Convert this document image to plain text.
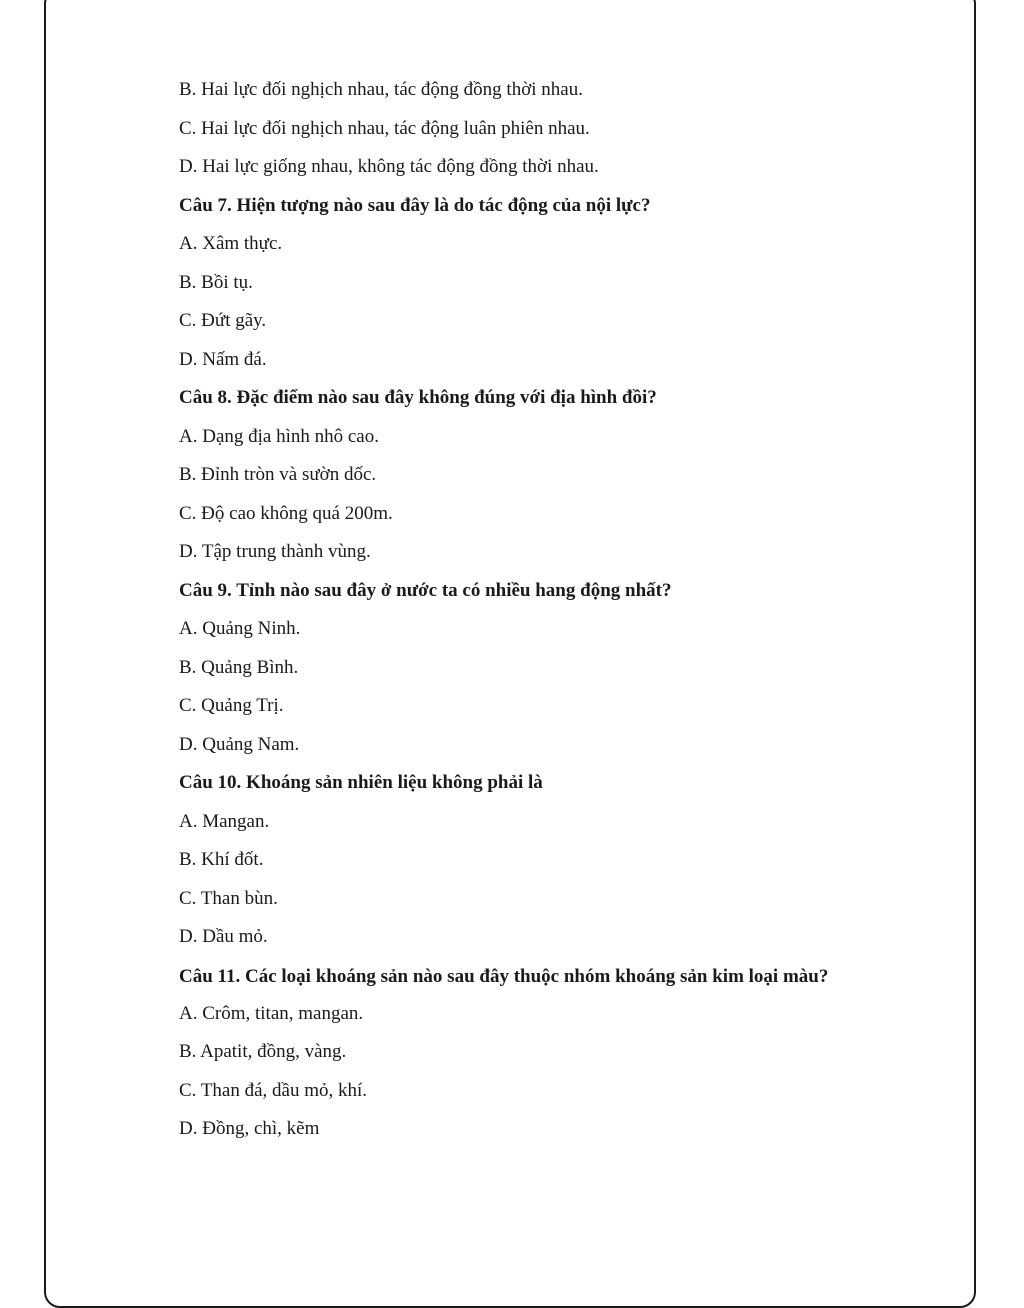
B. Hai lực đối nghịch nhau, tác động đồng thời nhau.
C. Hai lực đối nghịch nhau, tác động luân phiên nhau.
D. Hai lực giống nhau, không tác động đồng thời nhau.
Câu 7. Hiện tượng nào sau đây là do tác động của nội lực?
A. Xâm thực.
B. Bồi tụ.
C. Đứt gãy.
D. Nấm đá.
Câu 8. Đặc điểm nào sau đây không đúng với địa hình đồi?
A. Dạng địa hình nhô cao.
B. Đỉnh tròn và sườn dốc.
C. Độ cao không quá 200m.
D. Tập trung thành vùng.
Câu 9. Tỉnh nào sau đây ở nước ta có nhiều hang động nhất?
A. Quảng Ninh.
B. Quảng Bình.
C. Quảng Trị.
D. Quảng Nam.
Câu 10. Khoáng sản nhiên liệu không phải là
A. Mangan.
B. Khí đốt.
C. Than bùn.
D. Dầu mỏ.
Câu 11. Các loại khoáng sản nào sau đây thuộc nhóm khoáng sản kim loại màu?
A. Crôm, titan, mangan.
B. Apatit, đồng, vàng.
C. Than đá, dầu mỏ, khí.
D. Đồng, chì, kẽm
